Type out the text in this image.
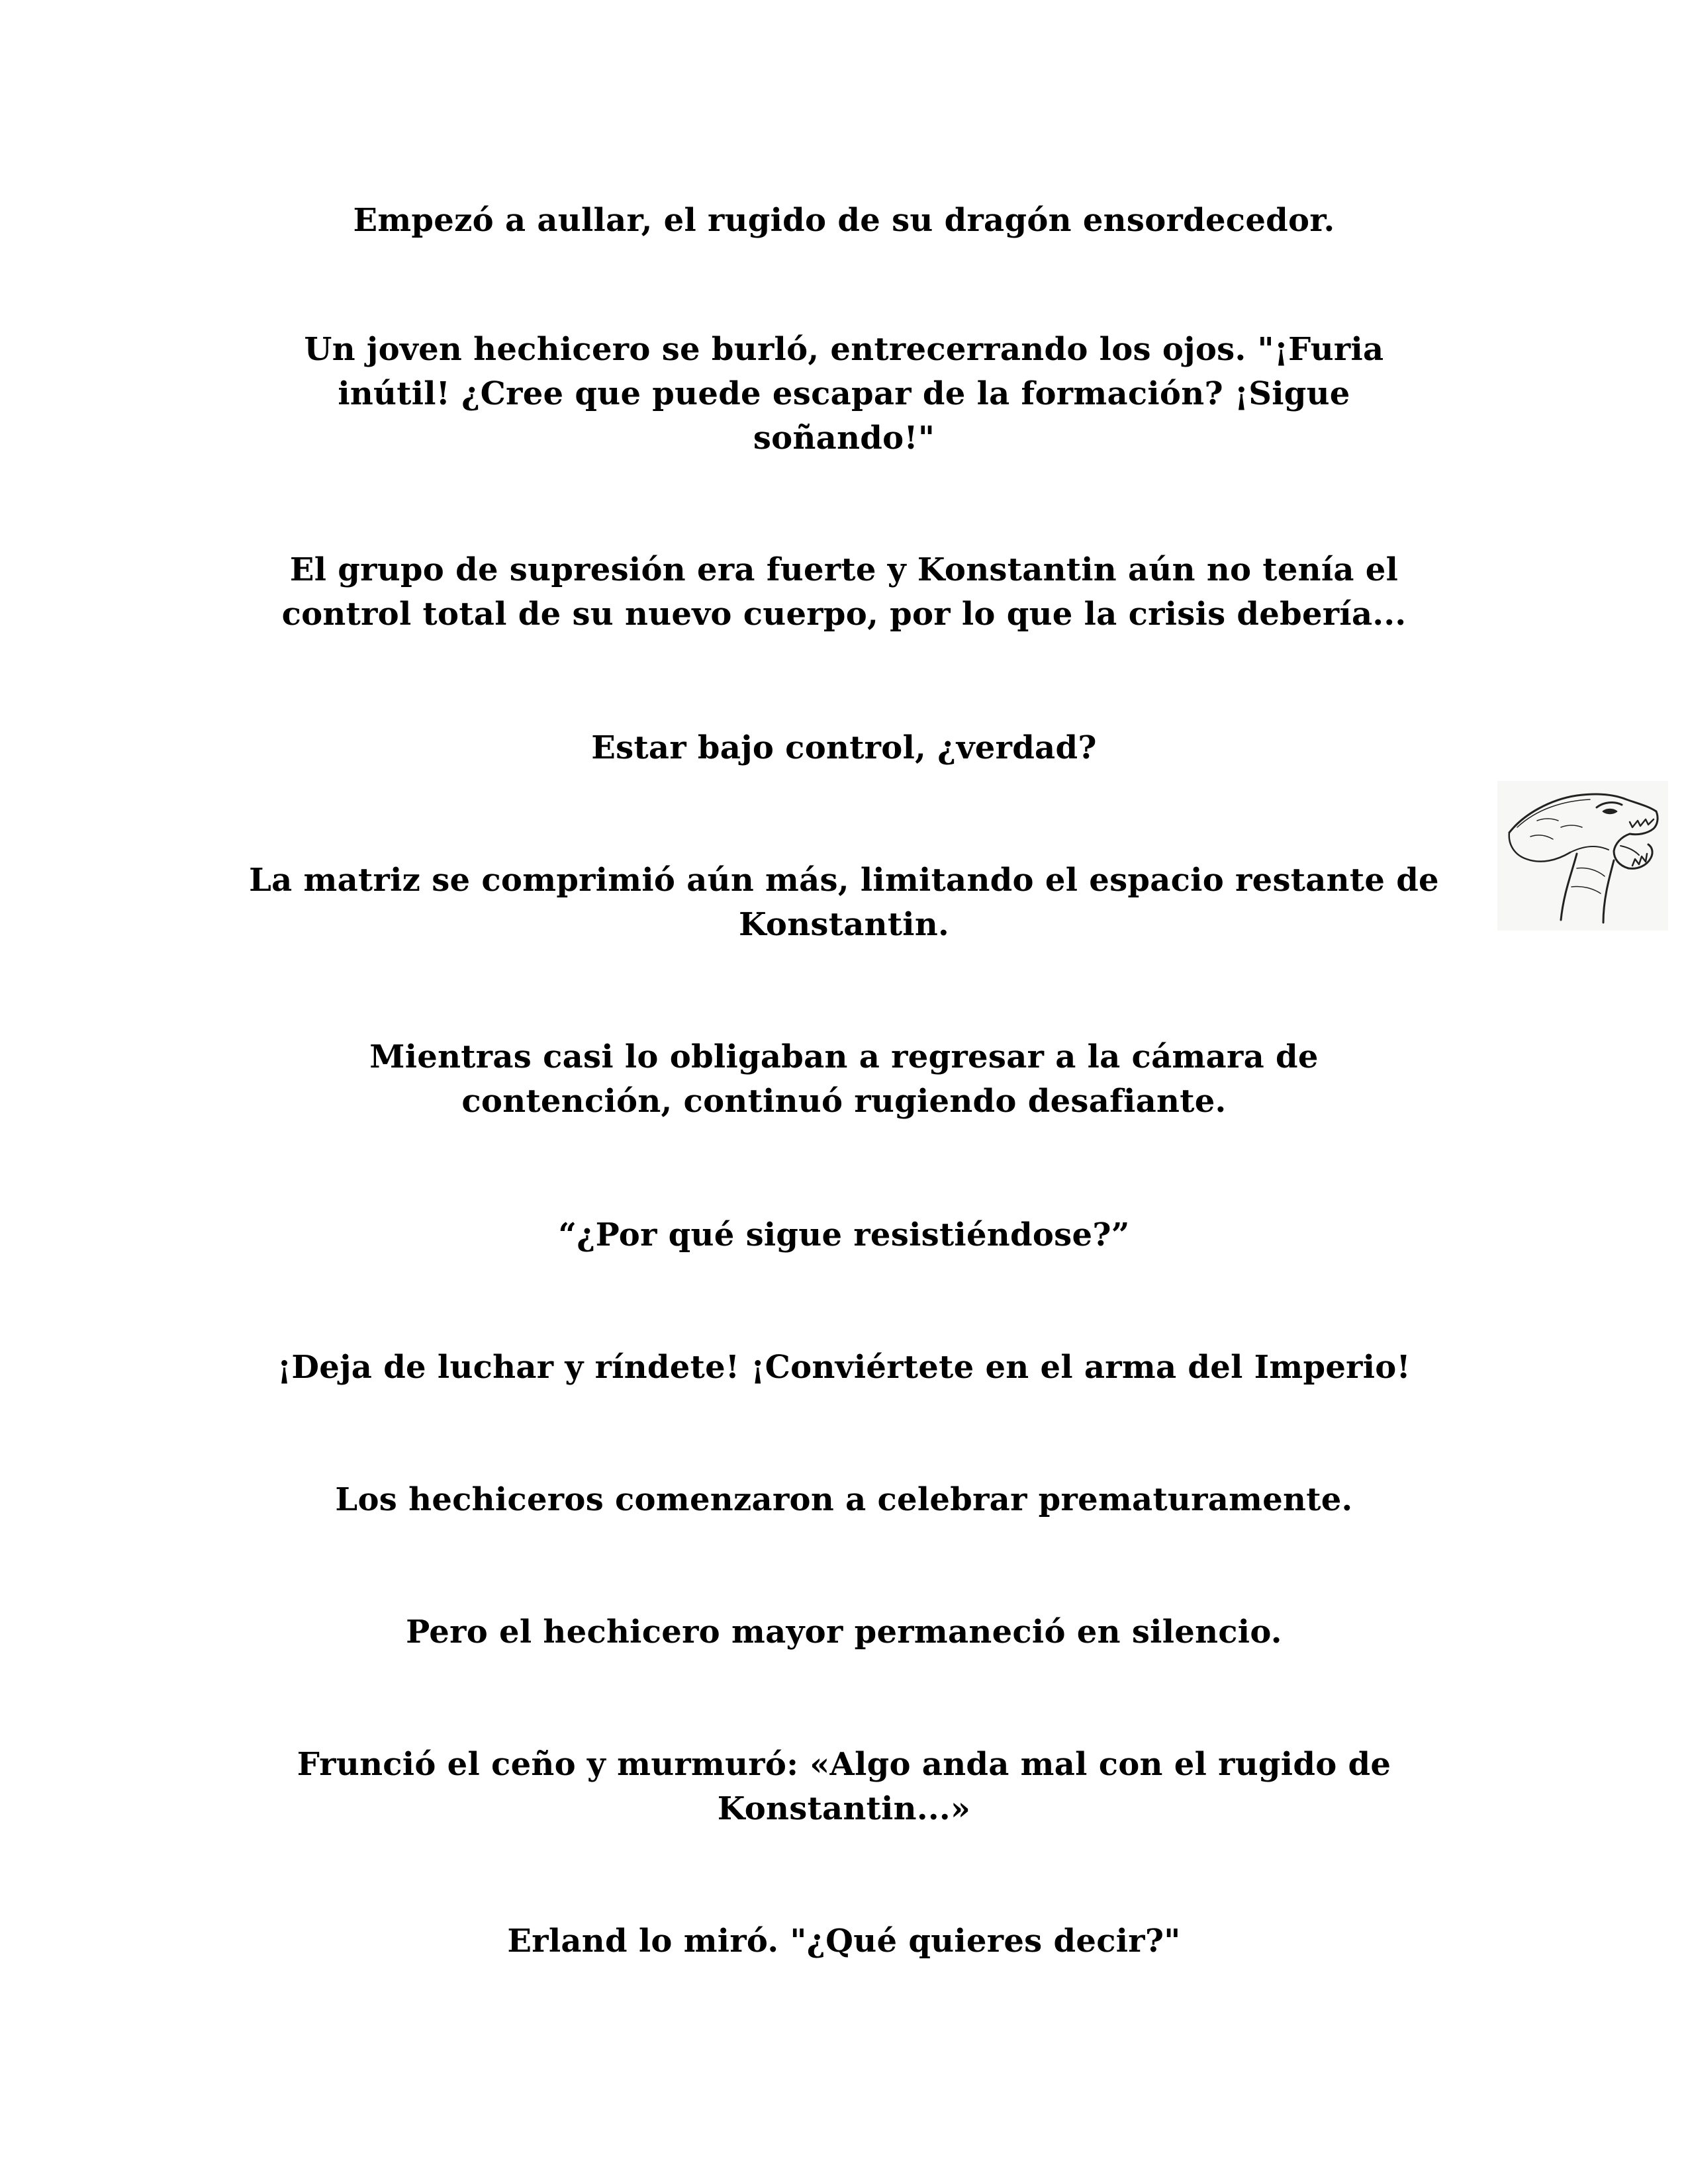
Empezó a aullar, el rugido de su dragón ensordecedor.

Un joven hechicero se burló, entrecerrando los ojos. "¡Furia inútil! ¿Cree que puede escapar de la formación? ¡Sigue soñando!"

El grupo de supresión era fuerte y Konstantin aún no tenía el control total de su nuevo cuerpo, por lo que la crisis debería...

Estar bajo control, ¿verdad?

La matriz se comprimió aún más, limitando el espacio restante de Konstantin.

Mientras casi lo obligaban a regresar a la cámara de contención, continuó rugiendo desafiante.

“¿Por qué sigue resistiéndose?”

¡Deja de luchar y ríndete! ¡Conviértete en el arma del Imperio!

Los hechiceros comenzaron a celebrar prematuramente.

Pero el hechicero mayor permaneció en silencio.

Frunció el ceño y murmuró: «Algo anda mal con el rugido de Konstantin...»

Erland lo miró. "¿Qué quieres decir?"
